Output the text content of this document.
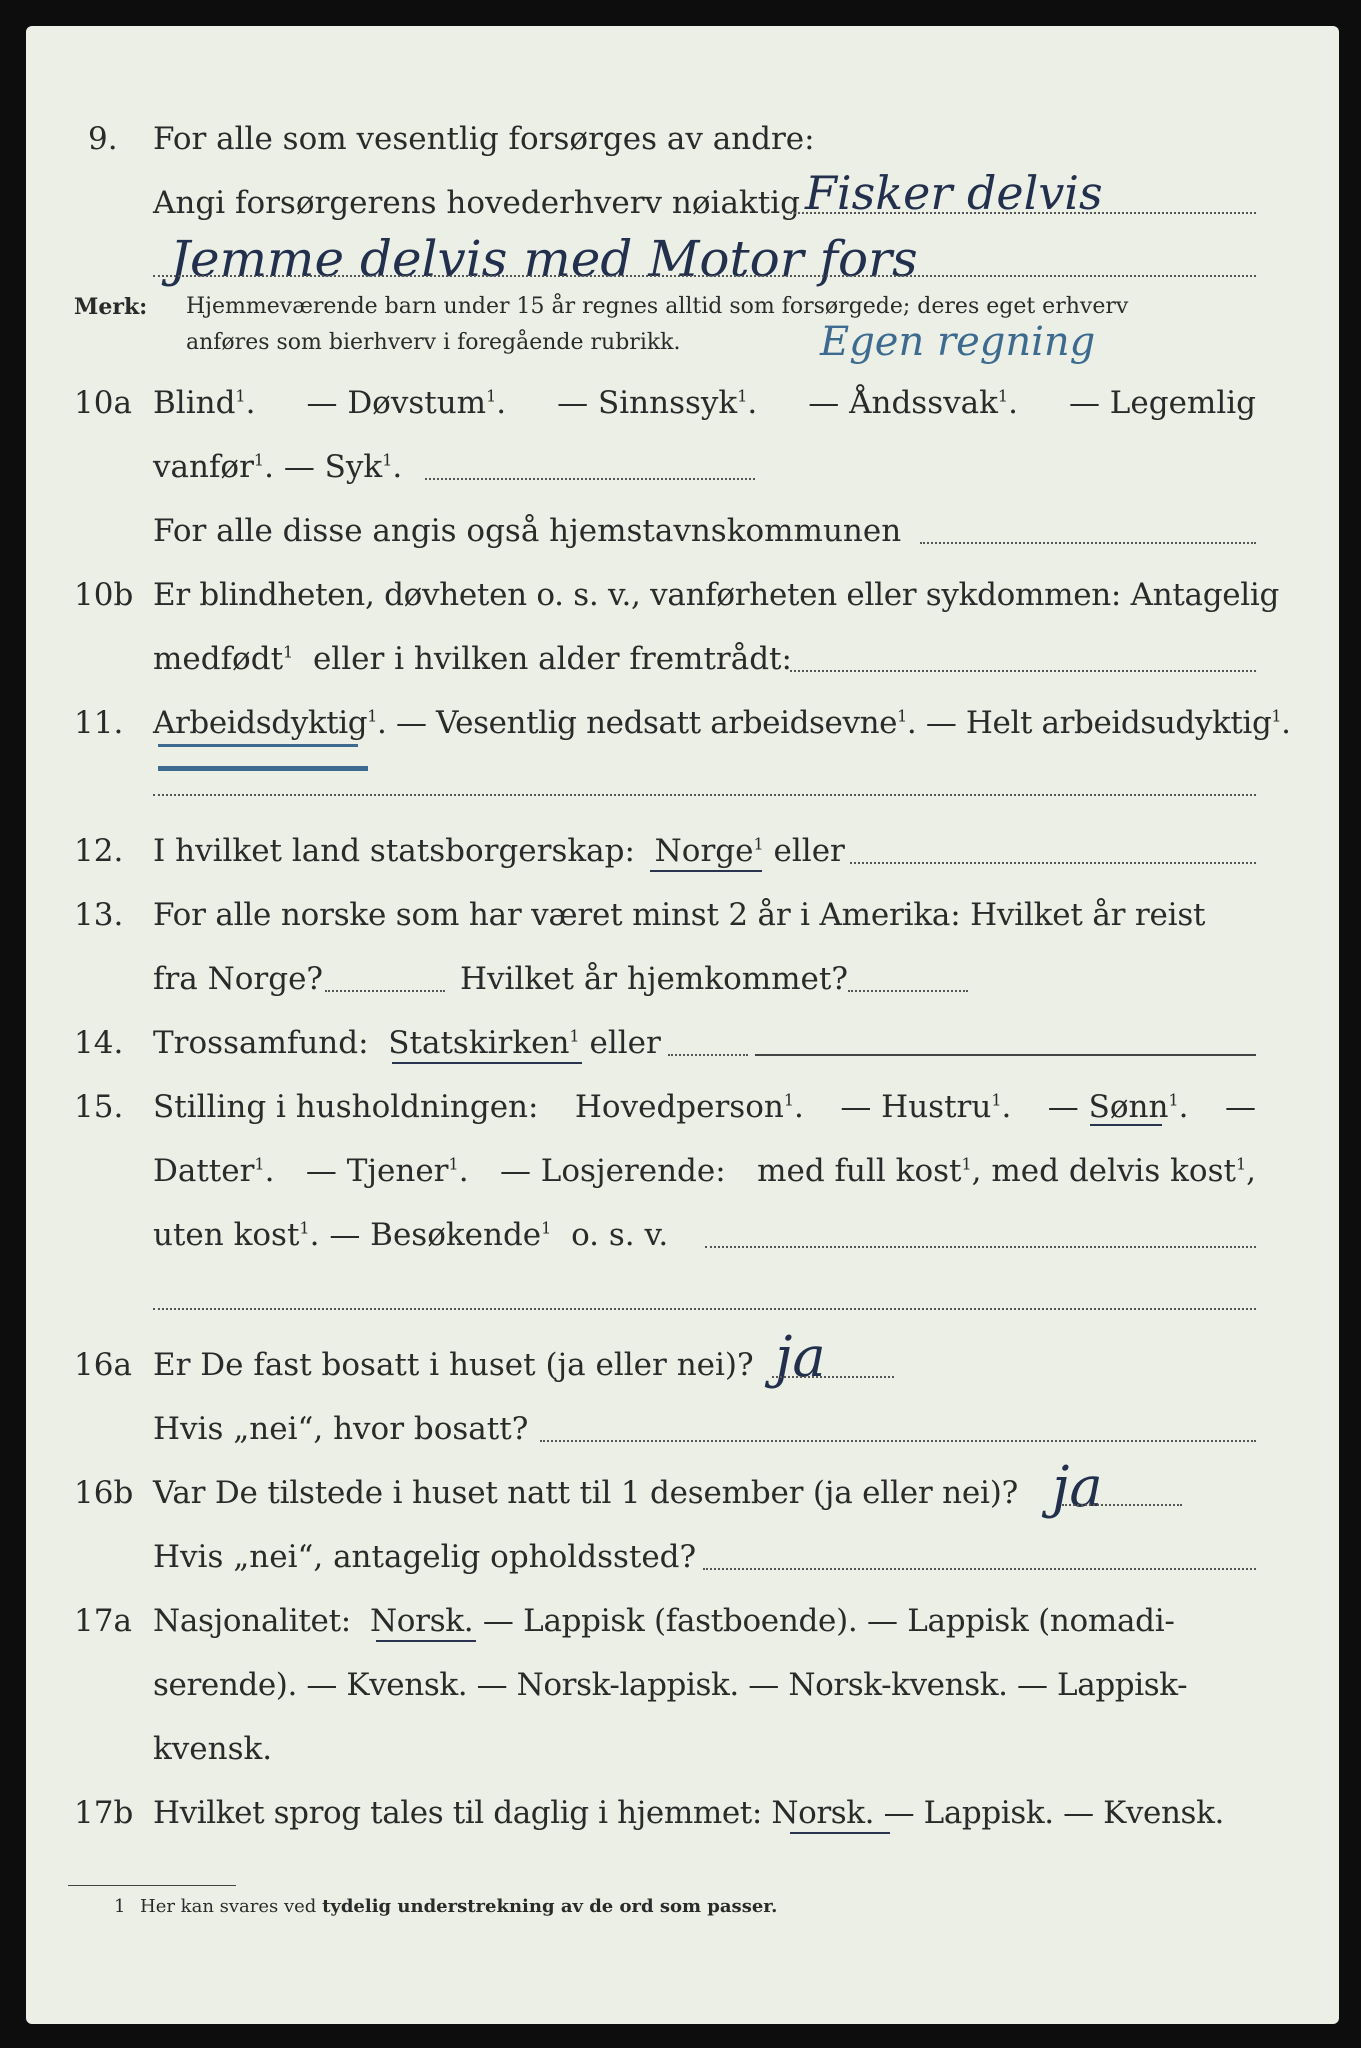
9. For alle som vesentlig forsørges av andre:
Angi forsørgerens hovederhverv nøiaktig Fisker delvis
Jemme delvis med Motor fors
Merk: Hjemmeværende barn under 15 år regnes alltid som forsørgede; deres eget erhverv
anføres som bierhverv i foregående rubrikk.	Egen regning
10a Blind$^1$. — Døvstum$^1$. — Sinnssyk$^1$. — Åndssvak$^1$. — Legemlig
vanfør$^1$. — Syk$^1$.
For alle disse angis også hjemstavnskommunen
10b Er blindheten, døvheten o. s. v., vanførheten eller sykdommen: Antagelig
medfødt$^1$ eller i hvilken alder fremtrådt:
11. Arbeidsdyktig$^1$. — Vesentlig nedsatt arbeidsevne$^1$. — Helt arbeidsudyktig$^1$.
12. I hvilket land statsborgerskap: Norge$^1$ eller
13. For alle norske som har været minst 2 år i Amerika: Hvilket år reist
fra Norge?	Hvilket år hjemkommet?
14. Trossamfund: Statskirken$^1$ eller
15. Stilling i husholdningen: Hovedperson$^1$. — Hustru$^1$. — Sønn$^1$. —
Datter$^1$. — Tjener$^1$. — Losjerende: med full kost$^1$, med delvis kost$^1$,
uten kost$^1$. — Besøkende$^1$ o. s. v.
16a Er De fast bosatt i huset (ja eller nei)? ja
Hvis „nei“, hvor bosatt?
16b Var De tilstede i huset natt til 1 desember (ja eller nei)? ja
Hvis „nei“, antagelig opholdssted?
17a Nasjonalitet: Norsk. — Lappisk (fastboende). — Lappisk (nomadi-
serende). — Kvensk. — Norsk-lappisk. — Norsk-kvensk. — Lappisk-
kvensk.
17b Hvilket sprog tales til daglig i hjemmet: Norsk. — Lappisk. — Kvensk.
1 Her kan svares ved tydelig understrekning av de ord som passer.
